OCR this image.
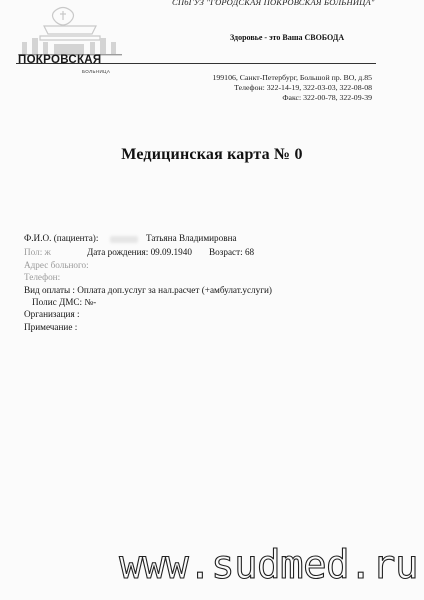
СПбГУЗ "ГОРОДСКАЯ ПОКРОВСКАЯ БОЛЬНИЦА"
ПОКРОВСКАЯ
БОЛЬНИЦА
Здоровье - это Ваша СВОБОДА
199106, Санкт-Петербург, Большой пр. ВО, д.85
Телефон: 322-14-19, 322-03-03, 322-08-08
Факс: 322-00-78, 322-09-39
Медицинская карта № 0
Ф.И.О. (пациента):	Татьяна Владимировна
Пол: ж	Дата рождения: 09.09.1940 Возраст: 68
Адрес больного:
Телефон:
Вид оплаты : Оплата доп.услуг за нал.расчет (+амбулат.услуги)
Полис ДМС: №-
Организация :
Примечание :
www.sudmed.ru
